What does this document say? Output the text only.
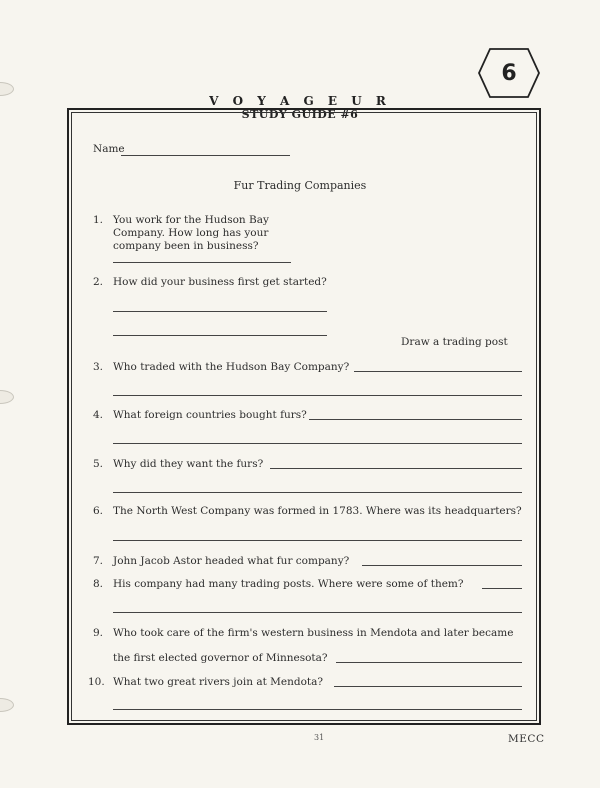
6
V O Y A G E U R
STUDY GUIDE #6
Name
Fur Trading Companies
1. You work for the Hudson Bay
Company. How long has your
company been in business?
2. How did your business first get started?
Draw a trading post
3. Who traded with the Hudson Bay Company?
4. What foreign countries bought furs?
5. Why did they want the furs?
6. The North West Company was formed in 1783. Where was its headquarters?
7. John Jacob Astor headed what fur company?
8. His company had many trading posts. Where were some of them?
9. Who took care of the firm's western business in Mendota and later became
the first elected governor of Minnesota?
10. What two great rivers join at Mendota?
31	MECC
